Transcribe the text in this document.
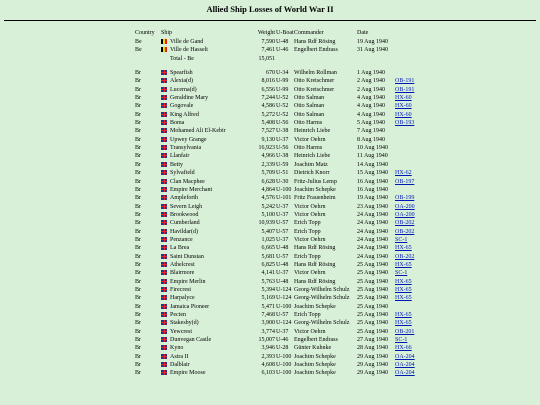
Allied Ship Losses of World War II
Country	Ship	Weight	U-Boat	Commander	Date	
Be	Ville de Gand	7,590	U-48	Hans Rdf Rösing	19 Aug 1940	
Be	Ville de Hasselt	7,461	U-46	Engelbert Endrass	31 Aug 1940	
	Total - Be	15,051				

Br	Spearfish	670	U-34	Wilhelm Rollman	1 Aug 1940	
Br	Alexia(d)	8,016	U-99	Otto Kretschmer	2 Aug 1940	OB-191
Br	Lucerna(d)	6,556	U-99	Otto Kretschmer	2 Aug 1940	OB-191
Br	Geraldine Mary	7,244	U-52	Otto Salman	4 Aug 1940	HX-60
Br	Gogovale	4,586	U-52	Otto Salman	4 Aug 1940	HX-60
Br	King Alfred	5,272	U-52	Otto Salman	4 Aug 1940	HX-60
Br	Boma	5,408	U-56	Otto Harms	5 Aug 1940	OB-193
Br	Mohamed Ali El-Kebir	7,527	U-38	Heinrich Liebe	7 Aug 1940	
Br	Upwey Grange	9,130	U-37	Victor Oehrn	8 Aug 1940	
Br	Transylvania	16,923	U-56	Otto Harms	10 Aug 1940	
Br	Llanfair	4,966	U-38	Heinrich Liebe	11 Aug 1940	
Br	Betty	2,339	U-59	Joachim Matz	14 Aug 1940	
Br	Sylvafield	5,709	U-51	Dietrich Knorr	15 Aug 1940	HX-62
Br	Clan Macphee	6,628	U-30	Fritz-Julius Lemp	16 Aug 1940	OB-197
Br	Empire Merchant	4,864	U-100	Joachim Schepke	16 Aug 1940	
Br	Ampleforth	4,576	U-101	Fritz Frauenheim	19 Aug 1940	OB-199
Br	Severn Leigh	5,242	U-37	Victor Oehrn	23 Aug 1940	OA-200
Br	Brookwood	5,100	U-37	Victor Oehrn	24 Aug 1940	OA-200
Br	Cumberland	10,939	U-57	Erich Topp	24 Aug 1940	OB-202
Br	Havildar(d)	5,407	U-57	Erich Topp	24 Aug 1940	OB-202
Br	Penzance	1,025	U-37	Victor Oehrn	24 Aug 1940	SC-1
Br	La Brea	6,665	U-48	Hans Rdf Rösing	24 Aug 1940	HX-65
Br	Saint Dunstan	5,681	U-57	Erich Topp	24 Aug 1940	OB-202
Br	Athelcrest	6,825	U-48	Hans Rdf Rösing	25 Aug 1940	HX-65
Br	Blairmore	4,141	U-37	Victor Oehrn	25 Aug 1940	SC-1
Br	Empire Merlin	5,763	U-48	Hans Rdf Rösing	25 Aug 1940	HX-65
Br	Firecrest	5,394	U-124	Georg-Wilhelm Schulz	25 Aug 1940	HX-65
Br	Harpalyce	5,169	U-124	Georg-Wilhelm Schulz	25 Aug 1940	HX-65
Br	Jamaica Pioneer	5,471	U-100	Joachim Schepke	25 Aug 1940	
Br	Pecten	7,468	U-57	Erich Topp	25 Aug 1940	HX-65
Br	Stakesby(d)	3,900	U-124	Georg-Wilhelm Schulz	25 Aug 1940	HX-65
Br	Yewcrest	3,774	U-37	Victor Oehrn	25 Aug 1940	OB-201
Br	Dunvegan Castle	15,007	U-46	Engelbert Endrass	27 Aug 1940	SC-1
Br	Kyno	3,946	U-28	Günter Kuhnke	28 Aug 1940	HX-66
Br	Astra II	2,393	U-100	Joachim Schepke	29 Aug 1940	OA-204
Br	Dalblair	4,608	U-100	Joachim Schepke	29 Aug 1940	OA-204
Br	Empire Moose	6,103	U-100	Joachim Schepke	29 Aug 1940	OA-204
